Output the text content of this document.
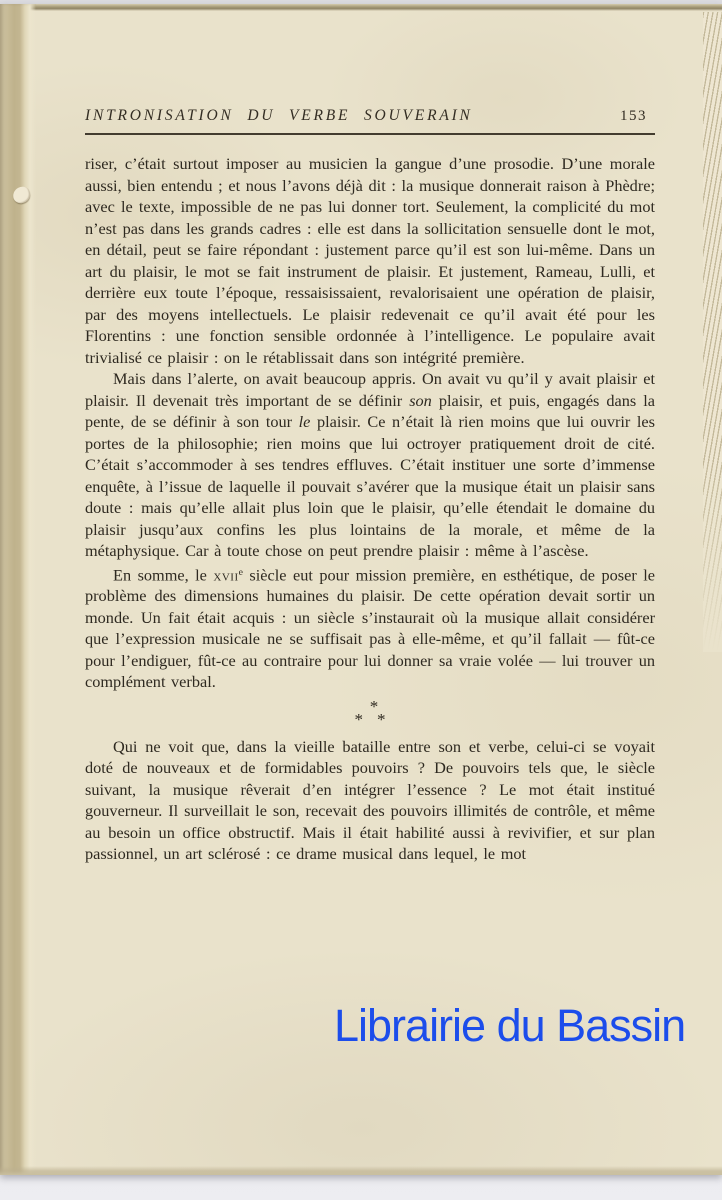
INTRONISATION DU VERBE SOUVERAIN	153

riser, c’était surtout imposer au musicien la gangue d’une prosodie. D’une morale aussi, bien entendu ; et nous l’avons déjà dit : la musique donnerait raison à Phèdre; avec le texte, impossible de ne pas lui donner tort. Seulement, la complicité du mot n’est pas dans les grands cadres : elle est dans la sollicitation sensuelle dont le mot, en détail, peut se faire répondant : justement parce qu’il est son lui-même. Dans un art du plaisir, le mot se fait instrument de plaisir. Et justement, Rameau, Lulli, et derrière eux toute l’époque, ressaisissaient, revalorisaient une opération de plaisir, par des moyens intellectuels. Le plaisir redevenait ce qu’il avait été pour les Florentins : une fonction sensible ordonnée à l’intelligence. Le populaire avait trivialisé ce plaisir : on le rétablissait dans son intégrité première.

Mais dans l’alerte, on avait beaucoup appris. On avait vu qu’il y avait plaisir et plaisir. Il devenait très important de se définir son plaisir, et puis, engagés dans la pente, de se définir à son tour le plaisir. Ce n’était là rien moins que lui ouvrir les portes de la philosophie; rien moins que lui octroyer pratiquement droit de cité. C’était s’accommoder à ses tendres effluves. C’était instituer une sorte d’immense enquête, à l’issue de laquelle il pouvait s’avérer que la musique était un plaisir sans doute : mais qu’elle allait plus loin que le plaisir, qu’elle étendait le domaine du plaisir jusqu’aux confins les plus lointains de la morale, et même de la métaphysique. Car à toute chose on peut prendre plaisir : même à l’ascèse.

En somme, le xvii$^e$ siècle eut pour mission première, en esthétique, de poser le problème des dimensions humaines du plaisir. De cette opération devait sortir un monde. Un fait était acquis : un siècle s’instaurait où la musique allait considérer que l’expression musicale ne se suffisait pas à elle-même, et qu’il fallait — fût-ce pour l’endiguer, fût-ce au contraire pour lui donner sa vraie volée — lui trouver un complément verbal.

*
* *

Qui ne voit que, dans la vieille bataille entre son et verbe, celui-ci se voyait doté de nouveaux et de formidables pouvoirs ? De pouvoirs tels que, le siècle suivant, la musique rêverait d’en intégrer l’essence ? Le mot était institué gouverneur. Il surveillait le son, recevait des pouvoirs illimités de contrôle, et même au besoin un office obstructif. Mais il était habilité aussi à revivifier, et sur plan passionnel, un art sclérosé : ce drame musical dans lequel, le mot

Librairie du Bassin
